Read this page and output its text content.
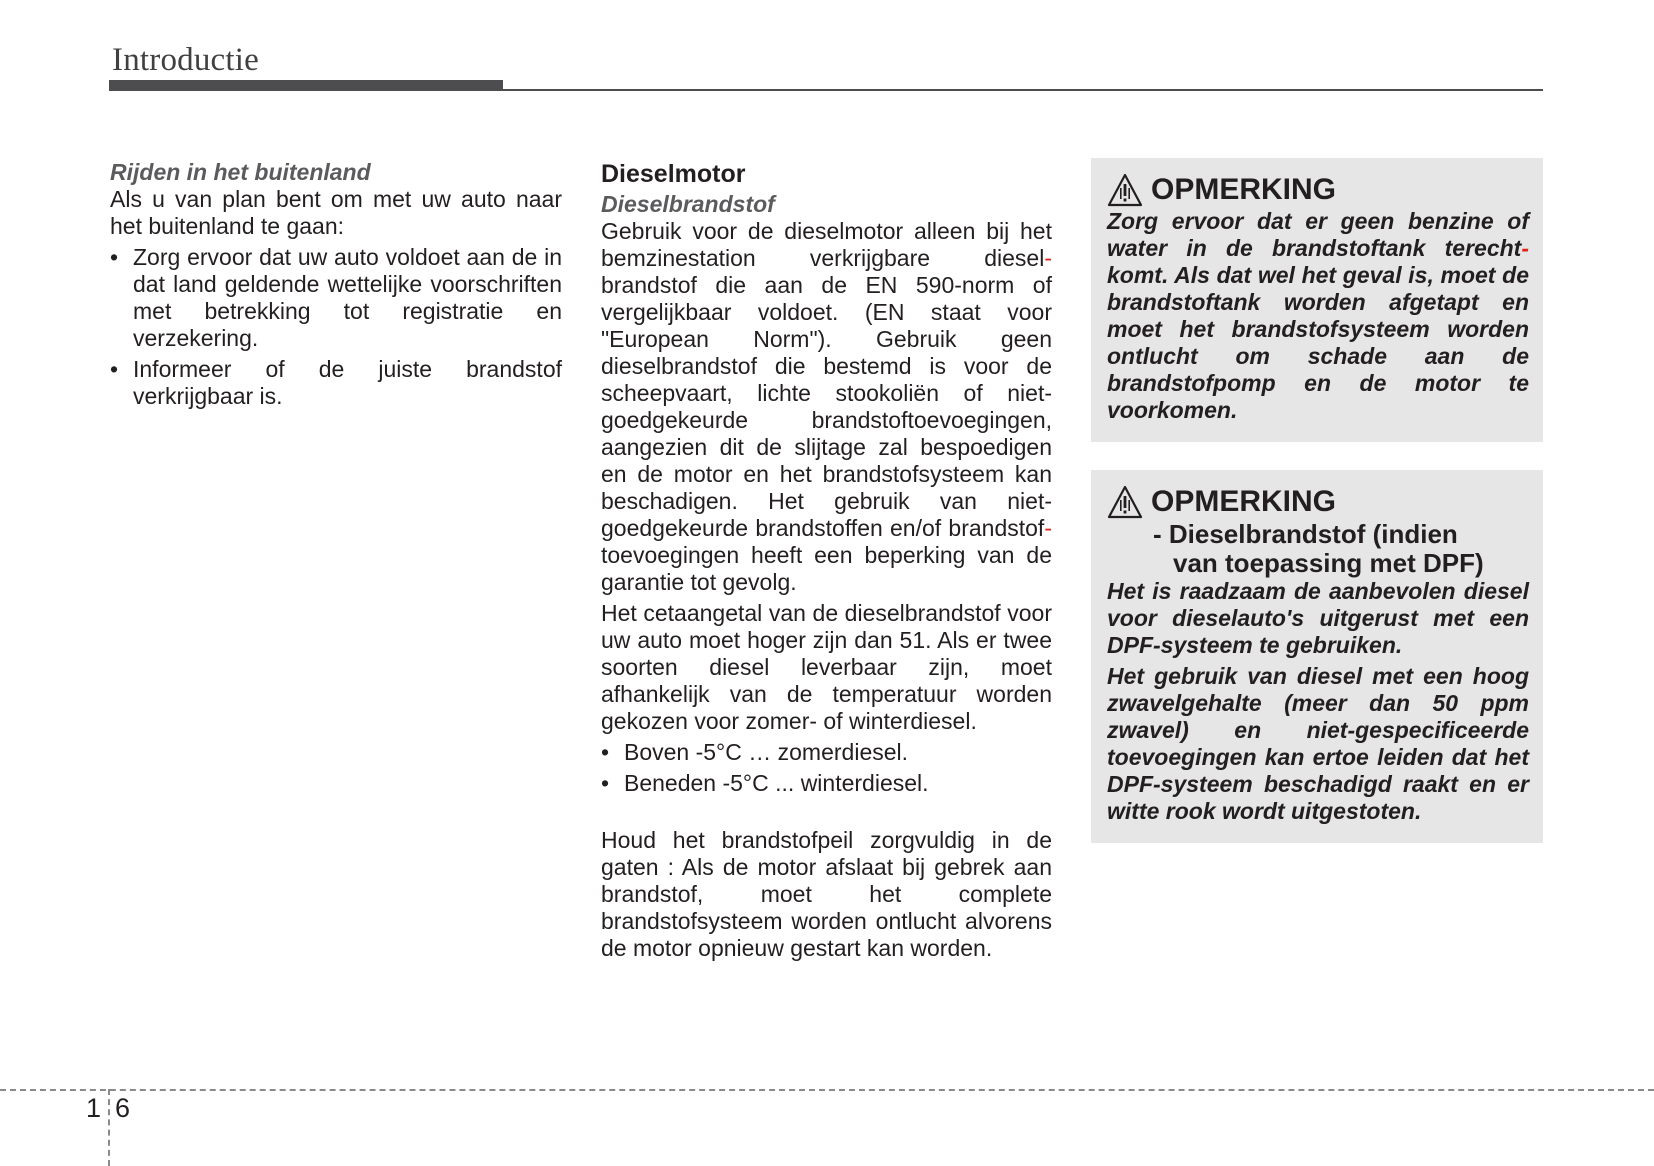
Introductie
Rijden in het buitenland

Als u van plan bent om met uw auto naar het buitenland te gaan:

• Zorg ervoor dat uw auto voldoet aan de in dat land geldende wettelijke voorschriften met betrekking tot registratie en verzekering.
• Informeer of de juiste brandstof verkrijgbaar is.
Dieselmotor
Dieselbrandstof

Gebruik voor de dieselmotor alleen bij het bemzinestation verkrijgbare diesel-brandstof die aan de EN 590-norm of vergelijkbaar voldoet. (EN staat voor "European Norm"). Gebruik geen dieselbrandstof die bestemd is voor de scheepvaart, lichte stookoliën of niet-goedgekeurde brandstoftoevoegingen, aangezien dit de slijtage zal bespoedigen en de motor en het brandstofsysteem kan beschadigen. Het gebruik van niet-goedgekeurde brandstoffen en/of brandstof-toevoegingen heeft een beperking van de garantie tot gevolg.

Het cetaangetal van de dieselbrandstof voor uw auto moet hoger zijn dan 51. Als er twee soorten diesel leverbaar zijn, moet afhankelijk van de temperatuur worden gekozen voor zomer- of winterdiesel.

• Boven -5°C … zomerdiesel.
• Beneden -5°C ... winterdiesel.

Houd het brandstofpeil zorgvuldig in de gaten : Als de motor afslaat bij gebrek aan brandstof, moet het complete brandstofsysteem worden ontlucht alvorens de motor opnieuw gestart kan worden.

OPMERKING

Zorg ervoor dat er geen benzine of water in de brandstoftank terecht-komt. Als dat wel het geval is, moet de brandstoftank worden afgetapt en moet het brandstofsysteem worden ontlucht om schade aan de brandstofpomp en de motor te voorkomen.

OPMERKING
- Dieselbrandstof (indien
van toepassing met DPF)

Het is raadzaam de aanbevolen diesel voor dieselauto's uitgerust met een DPF-systeem te gebruiken.

Het gebruik van diesel met een hoog zwavelgehalte (meer dan 50 ppm zwavel) en niet-gespecificeerde toevoegingen kan ertoe leiden dat het DPF-systeem beschadigd raakt en er witte rook wordt uitgestoten.

1 6
